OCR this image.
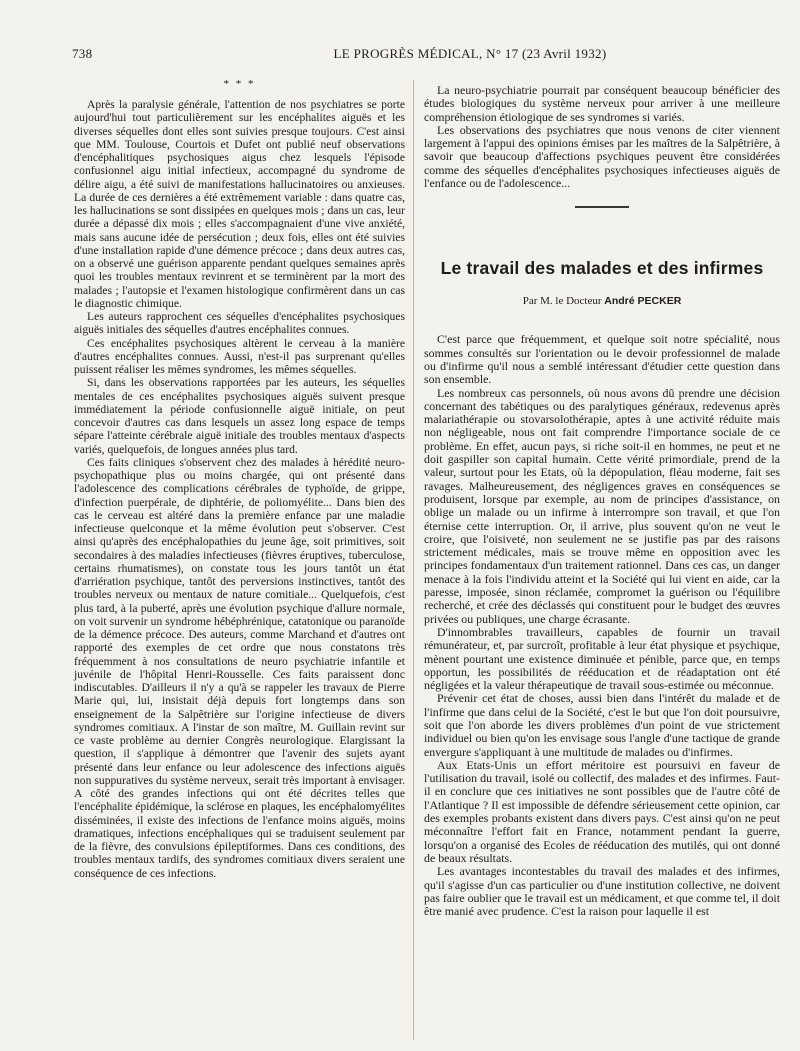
738	LE PROGRÈS MÉDICAL, N° 17 (23 Avril 1932)
* * *

Après la paralysie générale, l'attention de nos psychiatres se porte aujourd'hui tout particulièrement sur les encéphalites aiguës et les diverses séquelles dont elles sont suivies presque toujours. C'est ainsi que MM. Toulouse, Courtois et Dufet ont publié neuf observations d'encéphalitiques psychosiques aigus chez lesquels l'épisode confusionnel aigu initial infectieux, accompagné du syndrome de délire aigu, a été suivi de manifestations hallucinatoires ou anxieuses. La durée de ces dernières a été extrêmement variable : dans quatre cas, les hallucinations se sont dissipées en quelques mois ; dans un cas, leur durée a dépassé dix mois ; elles s'accompagnaient d'une vive anxiété, mais sans aucune idée de persécution ; deux fois, elles ont été suivies d'une installation rapide d'une démence précoce ; dans deux autres cas, on a observé une guérison apparente pendant quelques semaines après quoi les troubles mentaux revinrent et se terminèrent par la mort des malades ; l'autopsie et l'examen histologique confirmèrent dans un cas le diagnostic chimique.

Les auteurs rapprochent ces séquelles d'encéphalites psychosiques aiguës initiales des séquelles d'autres encéphalites connues.

Ces encéphalites psychosiques altèrent le cerveau à la manière d'autres encéphalites connues. Aussi, n'est-il pas surprenant qu'elles puissent réaliser les mêmes syndromes, les mêmes séquelles.

Si, dans les observations rapportées par les auteurs, les séquelles mentales de ces encéphalites psychosiques aiguës suivent presque immédiatement la période confusionnelle aiguë initiale, on peut concevoir d'autres cas dans lesquels un assez long espace de temps sépare l'atteinte cérébrale aiguë initiale des troubles mentaux d'aspects variés, quelquefois, de longues années plus tard.

Ces faits cliniques s'observent chez des malades à hérédité neuro-psychopathique plus ou moins chargée, qui ont présenté dans l'adolescence des complications cérébrales de typhoïde, de grippe, d'infection puerpérale, de diphtérie, de poliomyélite... Dans bien des cas le cerveau est altéré dans la première enfance par une maladie infectieuse quelconque et la même évolution peut s'observer. C'est ainsi qu'après des encéphalopathies du jeune âge, soit primitives, soit secondaires à des maladies infectieuses (fièvres éruptives, tuberculose, certains rhumatismes), on constate tous les jours tantôt un état d'arriération psychique, tantôt des perversions instinctives, tantôt des troubles nerveux ou mentaux de nature comitiale... Quelquefois, c'est plus tard, à la puberté, après une évolution psychique d'allure normale, on voit survenir un syndrome hébéphrénique, catatonique ou paranoïde de la démence précoce. Des auteurs, comme Marchand et d'autres ont rapporté des exemples de cet ordre que nous constatons très fréquemment à nos consultations de neuro psychiatrie infantile et juvénile de l'hôpital Henri-Rousselle. Ces faits paraissent donc indiscutables. D'ailleurs il n'y a qu'à se rappeler les travaux de Pierre Marie qui, lui, insistait déjà depuis fort longtemps dans son enseignement de la Salpêtrière sur l'origine infectieuse de divers syndromes comitiaux. A l'instar de son maître, M. Guillain revint sur ce vaste problème au dernier Congrès neurologique. Elargissant la question, il s'applique à démontrer que l'avenir des sujets ayant présenté dans leur enfance ou leur adolescence des infections aiguës non suppuratives du système nerveux, serait très important à envisager. A côté des grandes infections qui ont été décrites telles que l'encéphalite épidémique, la sclérose en plaques, les encéphalomyélites disséminées, il existe des infections de l'enfance moins aiguës, moins dramatiques, infections encéphaliques qui se traduisent seulement par de la fièvre, des convulsions épileptiformes. Dans ces conditions, des troubles mentaux tardifs, des syndromes comitiaux divers seraient une conséquence de ces infections.

La neuro-psychiatrie pourrait par conséquent beaucoup bénéficier des études biologiques du système nerveux pour arriver à une meilleure compréhension étiologique de ses syndromes si variés.

Les observations des psychiatres que nous venons de citer viennent largement à l'appui des opinions émises par les maîtres de la Salpêtrière, à savoir que beaucoup d'affections psychiques peuvent être considérées comme des séquelles d'encéphalites psychosiques infectieuses aiguës de l'enfance ou de l'adolescence...

Le travail des malades et des infirmes
Par M. le Docteur André PECKER

C'est parce que fréquemment, et quelque soit notre spécialité, nous sommes consultés sur l'orientation ou le devoir professionnel de malade ou d'infirme qu'il nous a semblé intéressant d'étudier cette question dans son ensemble.

Les nombreux cas personnels, où nous avons dû prendre une décision concernant des tabétiques ou des paralytiques généraux, redevenus après malariathérapie ou stovarsolothérapie, aptes à une activité réduite mais non négligeable, nous ont fait comprendre l'importance sociale de ce problème. En effet, aucun pays, si riche soit-il en hommes, ne peut et ne doit gaspiller son capital humain. Cette vérité primordiale, prend de la valeur, surtout pour les Etats, où la dépopulation, fléau moderne, fait ses ravages. Malheureusement, des négligences graves en conséquences se produisent, lorsque par exemple, au nom de principes d'assistance, on oblige un malade ou un infirme à interrompre son travail, et que l'on éternise cette interruption. Or, il arrive, plus souvent qu'on ne veut le croire, que l'oisiveté, non seulement ne se justifie pas par des raisons strictement médicales, mais se trouve même en opposition avec les principes fondamentaux d'un traitement rationnel. Dans ces cas, un danger menace à la fois l'individu atteint et la Société qui lui vient en aide, car la paresse, imposée, sinon réclamée, compromet la guérison ou l'équilibre recherché, et crée des déclassés qui constituent pour le budget des œuvres privées ou publiques, une charge écrasante.

D'innombrables travailleurs, capables de fournir un travail rémunérateur, et, par surcroît, profitable à leur état physique et psychique, mènent pourtant une existence diminuée et pénible, parce que, en temps opportun, les possibilités de rééducation et de réadaptation ont été négligées et la valeur thérapeutique de travail sous-estimée ou méconnue.

Prévenir cet état de choses, aussi bien dans l'intérêt du malade et de l'infirme que dans celui de la Société, c'est le but que l'on doit poursuivre, soit que l'on aborde les divers problèmes d'un point de vue strictement individuel ou bien qu'on les envisage sous l'angle d'une tactique de grande envergure s'appliquant à une multitude de malades ou d'infirmes.

Aux Etats-Unis un effort méritoire est poursuivi en faveur de l'utilisation du travail, isolé ou collectif, des malades et des infirmes. Faut-il en conclure que ces initiatives ne sont possibles que de l'autre côté de l'Atlantique ? Il est impossible de défendre sérieusement cette opinion, car des exemples probants existent dans divers pays. C'est ainsi qu'on ne peut méconnaître l'effort fait en France, notamment pendant la guerre, lorsqu'on a organisé des Ecoles de rééducation des mutilés, qui ont donné de beaux résultats.

Les avantages incontestables du travail des malades et des infirmes, qu'il s'agisse d'un cas particulier ou d'une institution collective, ne doivent pas faire oublier que le travail est un médicament, et que comme tel, il doit être manié avec prudence. C'est la raison pour laquelle il est
